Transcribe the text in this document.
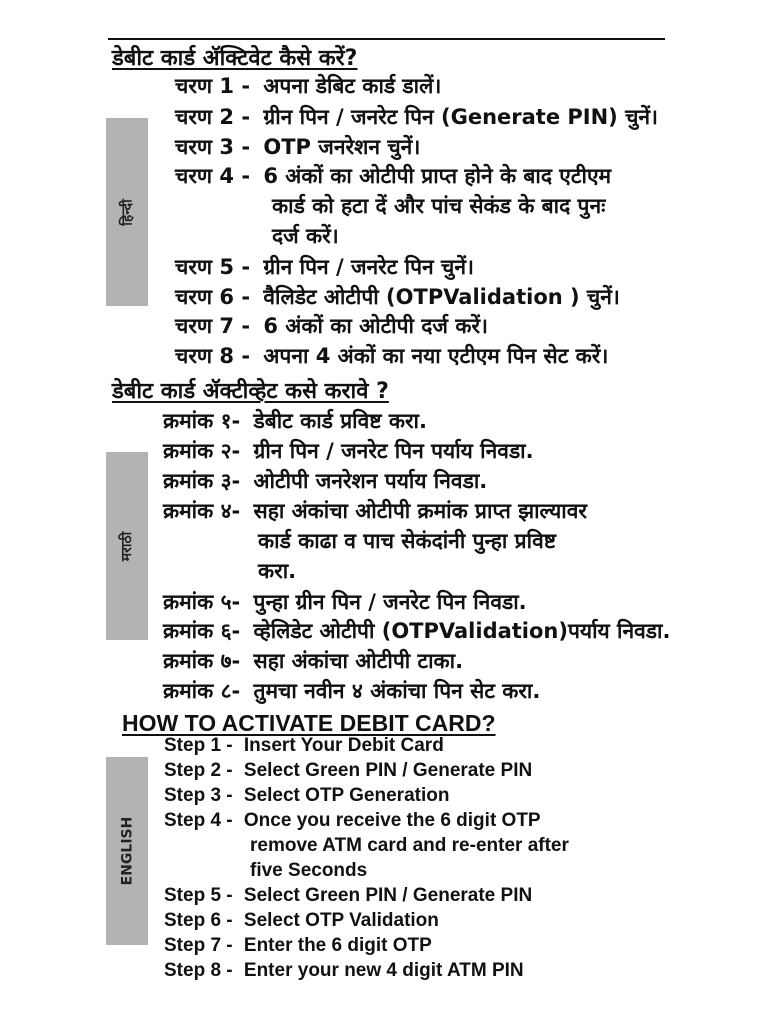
डेबीट कार्ड ॲक्टिवेट कैसे करें?
हिन्दी
चरण 1 - अपना डेबिट कार्ड डालें।
चरण 2 - ग्रीन पिन / जनरेट पिन (Generate PIN) चुनें।
चरण 3 - OTP जनरेशन चुनें।
चरण 4 - 6 अंकों का ओटीपी प्राप्त होने के बाद एटीएम
कार्ड को हटा दें और पांच सेकंड के बाद पुनः
दर्ज करें।
चरण 5 - ग्रीन पिन / जनरेट पिन चुनें।
चरण 6 - वैलिडेट ओटीपी (OTPValidation ) चुनें।
चरण 7 - 6 अंकों का ओटीपी दर्ज करें।
चरण 8 - अपना 4 अंकों का नया एटीएम पिन सेट करें।
डेबीट कार्ड ॲक्टीव्हेट कसे करावे ?
मराठी
क्रमांक १- डेबीट कार्ड प्रविष्ट करा.
क्रमांक २- ग्रीन पिन / जनरेट पिन पर्याय निवडा.
क्रमांक ३- ओटीपी जनरेशन पर्याय निवडा.
क्रमांक ४- सहा अंकांचा ओटीपी क्रमांक प्राप्त झाल्यावर
कार्ड काढा व पाच सेकंदांनी पुन्हा प्रविष्ट
करा.
क्रमांक ५- पुन्हा ग्रीन पिन / जनरेट पिन निवडा.
क्रमांक ६- व्हेलिडेट ओटीपी (OTPValidation)पर्याय निवडा.
क्रमांक ७- सहा अंकांचा ओटीपी टाका.
क्रमांक ८- तुमचा नवीन ४ अंकांचा पिन सेट करा.
HOW TO ACTIVATE DEBIT CARD?
ENGLISH
Step 1 - Insert Your Debit Card
Step 2 - Select Green PIN / Generate PIN
Step 3 - Select OTP Generation
Step 4 - Once you receive the 6 digit OTP
remove ATM card and re-enter after
five Seconds
Step 5 - Select Green PIN / Generate PIN
Step 6 - Select OTP Validation
Step 7 - Enter the 6 digit OTP
Step 8 - Enter your new 4 digit ATM PIN
